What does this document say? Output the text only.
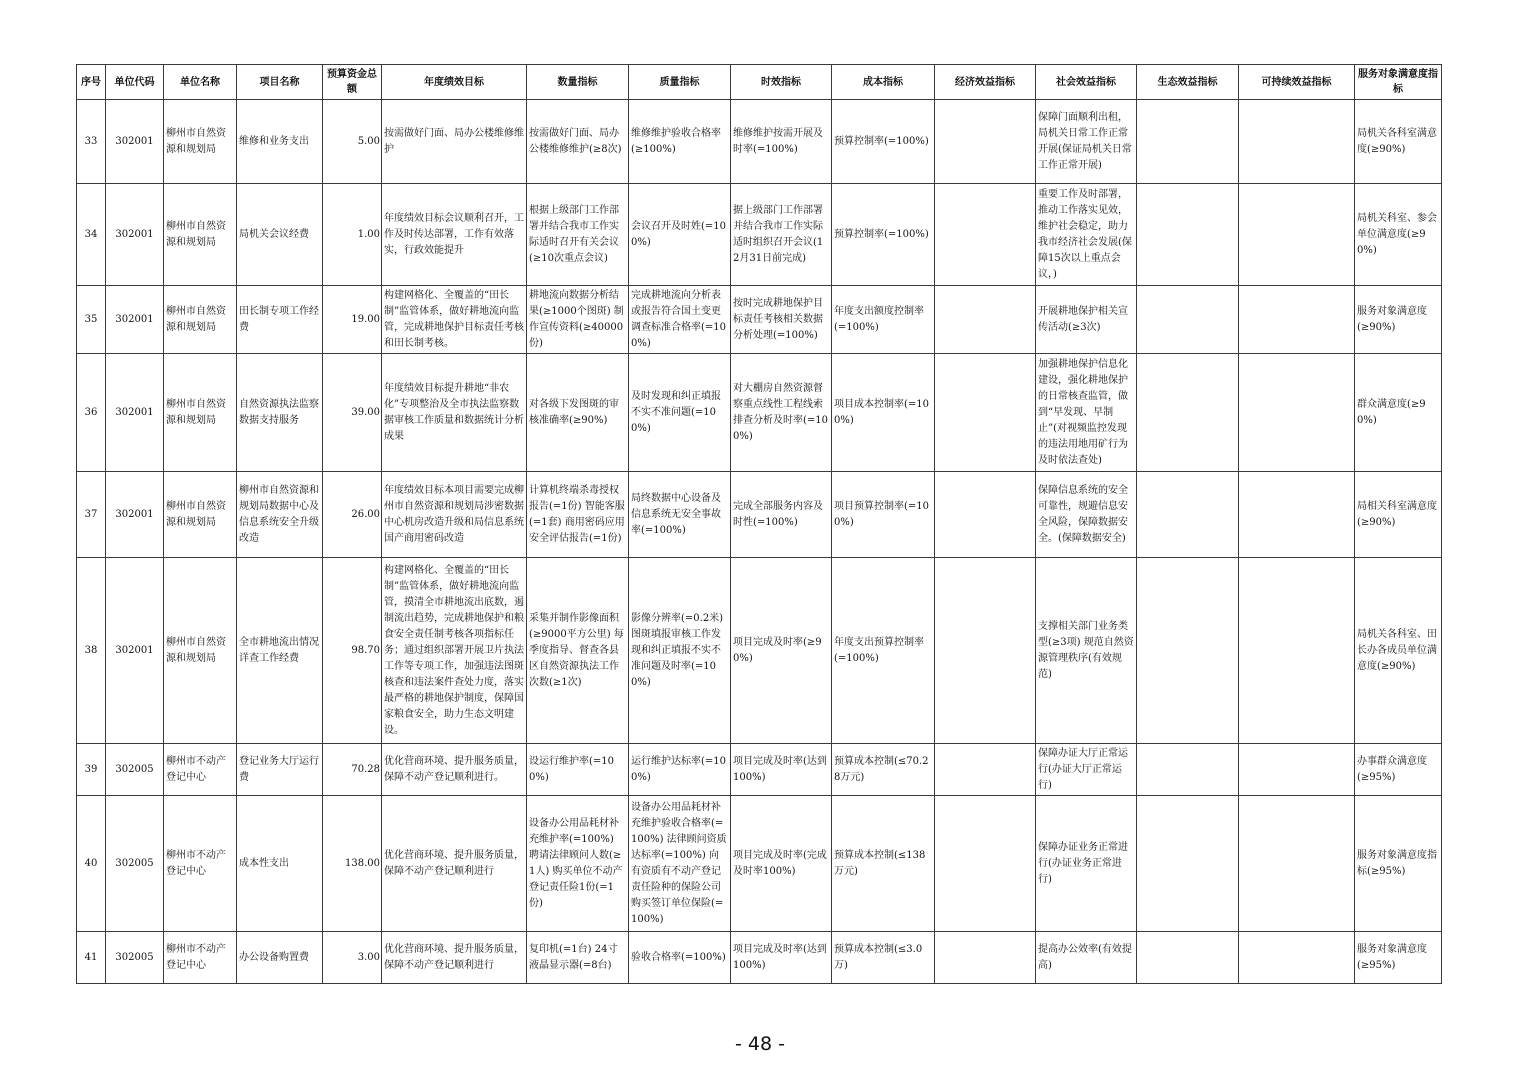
序号	单位代码	单位名称	项目名称	预算资金总额	年度绩效目标	数量指标	质量指标	时效指标	成本指标	经济效益指标	社会效益指标	生态效益指标	可持续效益指标	服务对象满意度指标
33	302001	柳州市自然资源和规划局	维修和业务支出	5.00	按需做好门面、局办公楼维修维护	按需做好门面、局办公楼维修维护(≥8次)	维修维护验收合格率(≥100%)	维修维护按需开展及时率(=100%)	预算控制率(=100%)		保障门面顺利出租，局机关日常工作正常开展(保证局机关日常工作正常开展)			局机关各科室满意度(≥90%)
34	302001	柳州市自然资源和规划局	局机关会议经费	1.00	年度绩效目标会议顺利召开，工作及时传达部署，工作有效落实，行政效能提升	根据上级部门工作部署并结合我市工作实际适时召开有关会议(≥10次重点会议)	会议召开及时姓(=100%)	据上级部门工作部署并结合我市工作实际适时组织召开会议(12月31日前完成)	预算控制率(=100%)		重要工作及时部署，推动工作落实见效，维护社会稳定，助力我市经济社会发展(保障15次以上重点会议，)			局机关科室、参会单位满意度(≥90%)
35	302001	柳州市自然资源和规划局	田长制专项工作经费	19.00	构建网格化、全覆盖的“田长制”监管体系，做好耕地流向监管，完成耕地保护目标责任考核和田长制考核。	耕地流向数据分析结果(≥1000个图斑) 制作宣传资料(≥40000份)	完成耕地流向分析表或报告符合国土变更调查标准合格率(=100%)	按时完成耕地保护目标责任考核相关数据分析处理(=100%)	年度支出额度控制率(=100%)		开展耕地保护相关宣传活动(≥3次)			服务对象满意度(≥90%)
36	302001	柳州市自然资源和规划局	自然资源执法监察数据支持服务	39.00	年度绩效目标提升耕地“非农化”专项整治及全市执法监察数据审核工作质量和数据统计分析成果	对各级下发图斑的审核准确率(≥90%)	及时发现和纠正填报不实不准问题(=100%)	对大棚房自然资源督察重点线性工程线索排查分析及时率(=100%)	项目成本控制率(=100%)		加强耕地保护信息化建设，强化耕地保护的日常核查监管，做到“早发现、早制止”(对视频监控发现的违法用地用矿行为及时依法查处)			群众满意度(≥90%)
37	302001	柳州市自然资源和规划局	柳州市自然资源和规划局数据中心及信息系统安全升级改造	26.00	年度绩效目标本项目需要完成柳州市自然资源和规划局涉密数据中心机房改造升级和局信息系统国产商用密码改造	计算机终端杀毒授权报告(=1份) 智能客服(=1套) 商用密码应用安全评估报告(=1份)	局终数据中心设备及信息系统无安全事故率(=100%)	完成全部服务内容及时性(=100%)	项目预算控制率(=100%)		保障信息系统的安全可靠性，规避信息安全风险，保障数据安全。(保障数据安全)			局相关科室满意度(≥90%)
38	302001	柳州市自然资源和规划局	全市耕地流出情况详查工作经费	98.70	构建网格化、全覆盖的“田长制”监管体系，做好耕地流向监管，摸清全市耕地流出底数，遏制流出趋势，完成耕地保护和粮食安全责任制考核各项指标任务；通过组织部署开展卫片执法工作等专项工作，加强违法图斑核查和违法案件查处力度，落实最严格的耕地保护制度，保障国家粮食安全，助力生态文明建设。	采集并制作影像面积(≥9000平方公里) 每季度指导、督查各县区自然资源执法工作次数(≥1次)	影像分辨率(=0.2米) 图斑填报审核工作发现和纠正填报不实不准问题及时率(=100%)	项目完成及时率(≥90%)	年度支出预算控制率(=100%)		支撑相关部门业务类型(≥3项) 规范自然资源管理秩序(有效规范)			局机关各科室、田长办各成员单位满意度(≥90%)
39	302005	柳州市不动产登记中心	登记业务大厅运行费	70.28	优化营商环境、提升服务质量，保障不动产登记顺利进行。	设运行维护率(=100%)	运行维护达标率(=100%)	项目完成及时率(达到100%)	预算成本控制(≤70.28万元)		保障办证大厅正常运行(办证大厅正常运行)			办事群众满意度(≥95%)
40	302005	柳州市不动产登记中心	成本性支出	138.00	优化营商环境、提升服务质量，保障不动产登记顺利进行	设备办公用品耗材补充维护率(=100%) 聘请法律顾问人数(≥1人) 购买单位不动产登记责任险1份(=1份)	设备办公用品耗材补充维护验收合格率(=100%) 法律顾问资质达标率(=100%) 向有资质有不动产登记责任险种的保险公司购买签订单位保险(=100%)	项目完成及时率(完成及时率100%)	预算成本控制(≤138万元)		保障办证业务正常进行(办证业务正常进行)			服务对象满意度指标(≥95%)
41	302005	柳州市不动产登记中心	办公设备购置费	3.00	优化营商环境、提升服务质量，保障不动产登记顺利进行	复印机(=1台) 24寸液晶显示器(=8台)	验收合格率(=100%)	项目完成及时率(达到100%)	预算成本控制(≤3.0万)		提高办公效率(有效提高)			服务对象满意度(≥95%)
- 48 -
